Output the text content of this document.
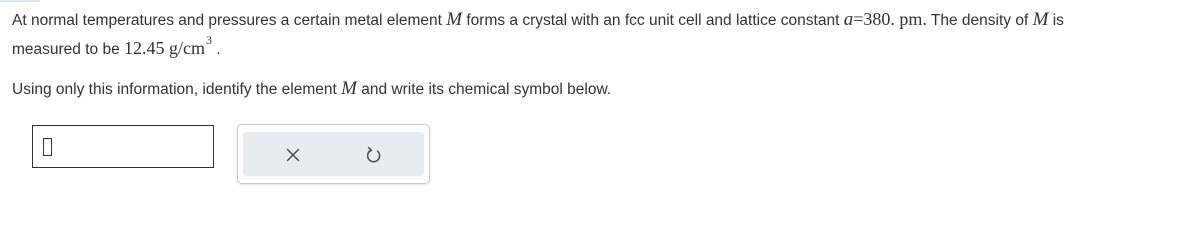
At normal temperatures and pressures a certain metal element M forms a crystal with an fcc unit cell and lattice constant a=380. pm. The density of M is
measured to be 12.45 $g/cm^3$ .
Using only this information, identify the element M and write its chemical symbol below.
